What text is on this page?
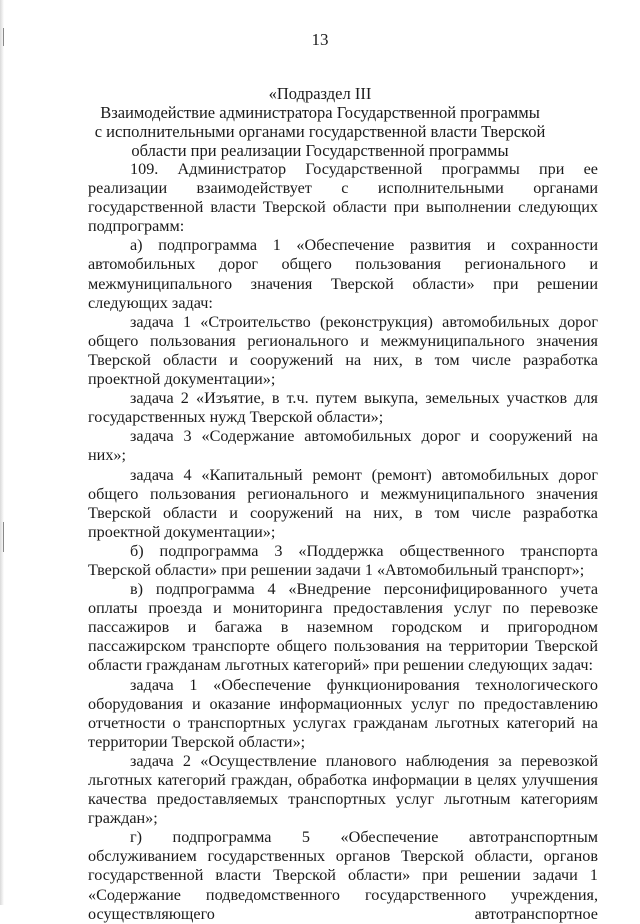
13
«Подраздел III
Взаимодействие администратора Государственной программы
с исполнительными органами государственной власти Тверской
области при реализации Государственной программы

109. Администратор Государственной программы при ее реализации взаимодействует с исполнительными органами государственной власти Тверской области при выполнении следующих подпрограмм:

а) подпрограмма 1 «Обеспечение развития и сохранности автомобильных дорог общего пользования регионального и межмуниципального значения Тверской области» при решении следующих задач:

задача 1 «Строительство (реконструкция) автомобильных дорог общего пользования регионального и межмуниципального значения Тверской области и сооружений на них, в том числе разработка проектной документации»;

задача 2 «Изъятие, в т.ч. путем выкупа, земельных участков для государственных нужд Тверской области»;

задача 3 «Содержание автомобильных дорог и сооружений на них»;

задача 4 «Капитальный ремонт (ремонт) автомобильных дорог общего пользования регионального и межмуниципального значения Тверской области и сооружений на них, в том числе разработка проектной документации»;

б) подпрограмма 3 «Поддержка общественного транспорта Тверской области» при решении задачи 1 «Автомобильный транспорт»;

в) подпрограмма 4 «Внедрение персонифицированного учета оплаты проезда и мониторинга предоставления услуг по перевозке пассажиров и багажа в наземном городском и пригородном пассажирском транспорте общего пользования на территории Тверской области гражданам льготных категорий» при решении следующих задач:

задача 1 «Обеспечение функционирования технологического оборудования и оказание информационных услуг по предоставлению отчетности о транспортных услугах гражданам льготных категорий на территории Тверской области»;

задача 2 «Осуществление планового наблюдения за перевозкой льготных категорий граждан, обработка информации в целях улучшения качества предоставляемых транспортных услуг льготным категориям граждан»;

г) подпрограмма 5 «Обеспечение автотранспортным обслуживанием государственных органов Тверской области, органов государственной власти Тверской области» при решении задачи 1 «Содержание подведомственного государственного учреждения, осуществляющего автотранспортное
